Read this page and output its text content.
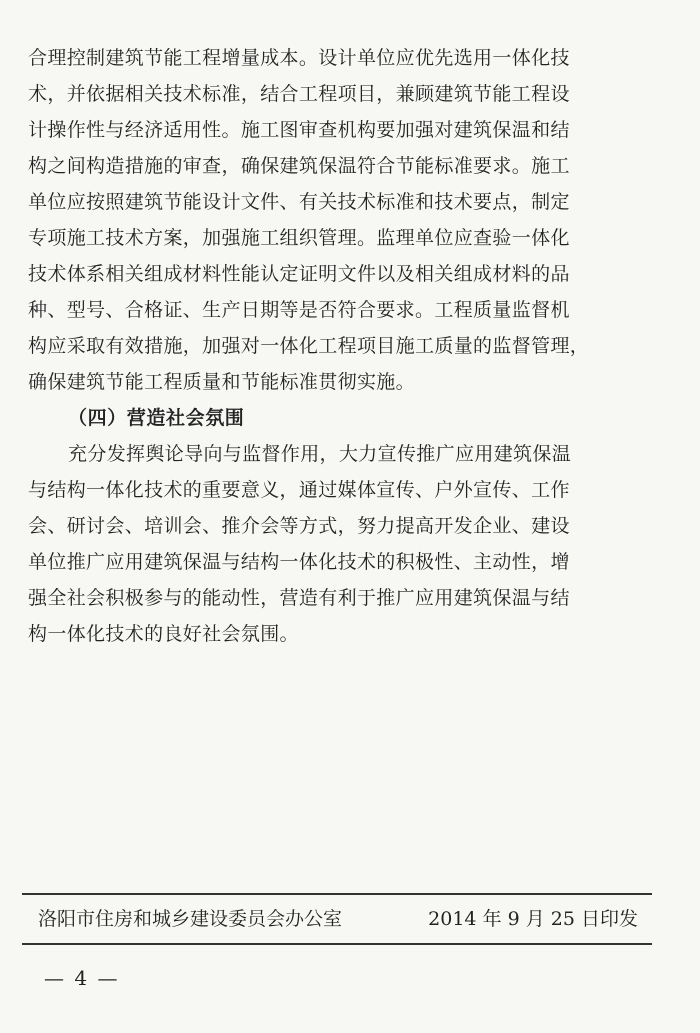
合理控制建筑节能工程增量成本。设计单位应优先选用一体化技
术，并依据相关技术标准，结合工程项目，兼顾建筑节能工程设
计操作性与经济适用性。施工图审查机构要加强对建筑保温和结
构之间构造措施的审查，确保建筑保温符合节能标准要求。施工
单位应按照建筑节能设计文件、有关技术标准和技术要点，制定
专项施工技术方案，加强施工组织管理。监理单位应查验一体化
技术体系相关组成材料性能认定证明文件以及相关组成材料的品
种、型号、合格证、生产日期等是否符合要求。工程质量监督机
构应采取有效措施，加强对一体化工程项目施工质量的监督管理，
确保建筑节能工程质量和节能标准贯彻实施。
（四）营造社会氛围
充分发挥舆论导向与监督作用，大力宣传推广应用建筑保温
与结构一体化技术的重要意义，通过媒体宣传、户外宣传、工作
会、研讨会、培训会、推介会等方式，努力提高开发企业、建设
单位推广应用建筑保温与结构一体化技术的积极性、主动性，增
强全社会积极参与的能动性，营造有利于推广应用建筑保温与结
构一体化技术的良好社会氛围。
洛阳市住房和城乡建设委员会办公室	2014 年 9 月 25 日印发
— 4 —
